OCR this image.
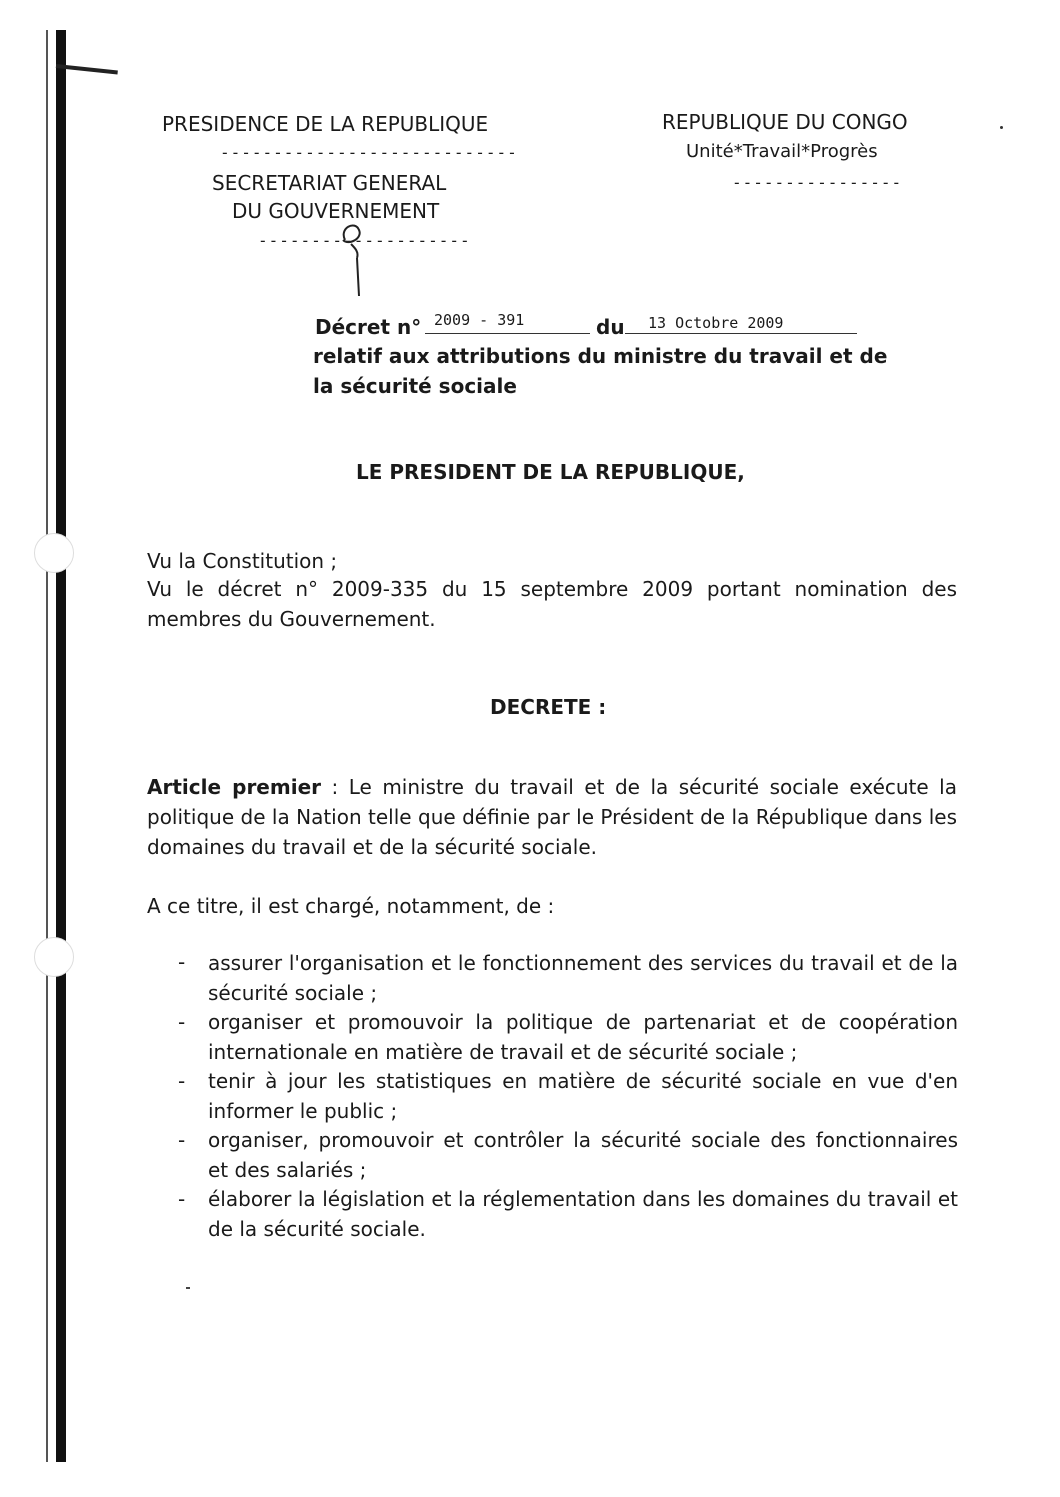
PRESIDENCE DE LA REPUBLIQUE
----------------------------
SECRETARIAT GENERAL
DU GOUVERNEMENT
--------------------
REPUBLIQUE DU CONGO
Unité*Travail*Progrès
----------------
Décret n° 2009 - 391	du 13 Octobre 2009
relatif aux attributions du ministre du travail et de
la sécurité sociale
LE PRESIDENT DE LA REPUBLIQUE,
Vu la Constitution ;
Vu le décret n° 2009-335 du 15 septembre 2009 portant nomination des
membres du Gouvernement.
DECRETE :
Article premier : Le ministre du travail et de la sécurité sociale exécute la
politique de la Nation telle que définie par le Président de la République dans les
domaines du travail et de la sécurité sociale.
A ce titre, il est chargé, notamment, de :
- assurer l'organisation et le fonctionnement des services du travail et de la
sécurité sociale ;
- organiser et promouvoir la politique de partenariat et de coopération
internationale en matière de travail et de sécurité sociale ;
- tenir à jour les statistiques en matière de sécurité sociale en vue d'en
informer le public ;
- organiser, promouvoir et contrôler la sécurité sociale des fonctionnaires
et des salariés ;
- élaborer la législation et la réglementation dans les domaines du travail et
de la sécurité sociale.
